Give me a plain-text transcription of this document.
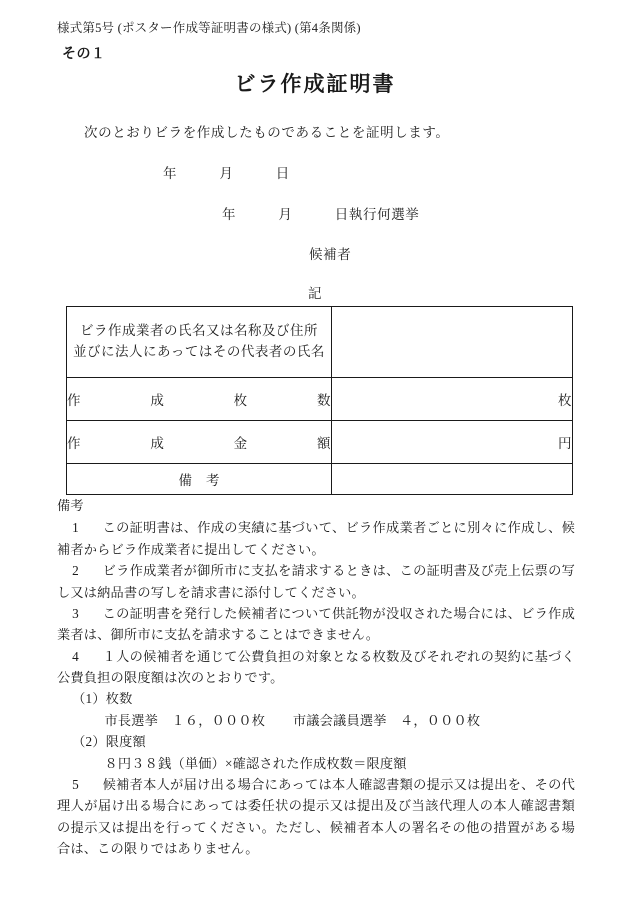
様式第5号 (ポスター作成等証明書の様式) (第4条関係)
その１
ビラ作成証明書
次のとおりビラを作成したものであることを証明します。
年　　　月　　　日
年　　　月　　　日執行何選挙
候補者
記
ビラ作成業者の氏名又は名称及び住所
並びに法人にあってはその代表者の氏名	

作 成 枚 数	枚

作 成 金 額	円
備考	

備考

1 この証明書は、作成の実績に基づいて、ビラ作成業者ごとに別々に作成し、候補者からビラ作成業者に提出してください。

2 ビラ作成業者が御所市に支払を請求するときは、この証明書及び売上伝票の写し又は納品書の写しを請求書に添付してください。

3 この証明書を発行した候補者について供託物が没収された場合には、ビラ作成業者は、御所市に支払を請求することはできません。

4 １人の候補者を通じて公費負担の対象となる枚数及びそれぞれの契約に基づく公費負担の限度額は次のとおりです。

（1）枚数

市長選挙　１６，０００枚 市議会議員選挙　４，０００枚

（2）限度額

８円３８銭（単価）×確認された作成枚数＝限度額

5 候補者本人が届け出る場合にあっては本人確認書類の提示又は提出を、その代理人が届け出る場合にあっては委任状の提示又は提出及び当該代理人の本人確認書類の提示又は提出を行ってください。ただし、候補者本人の署名その他の措置がある場合は、この限りではありません。
